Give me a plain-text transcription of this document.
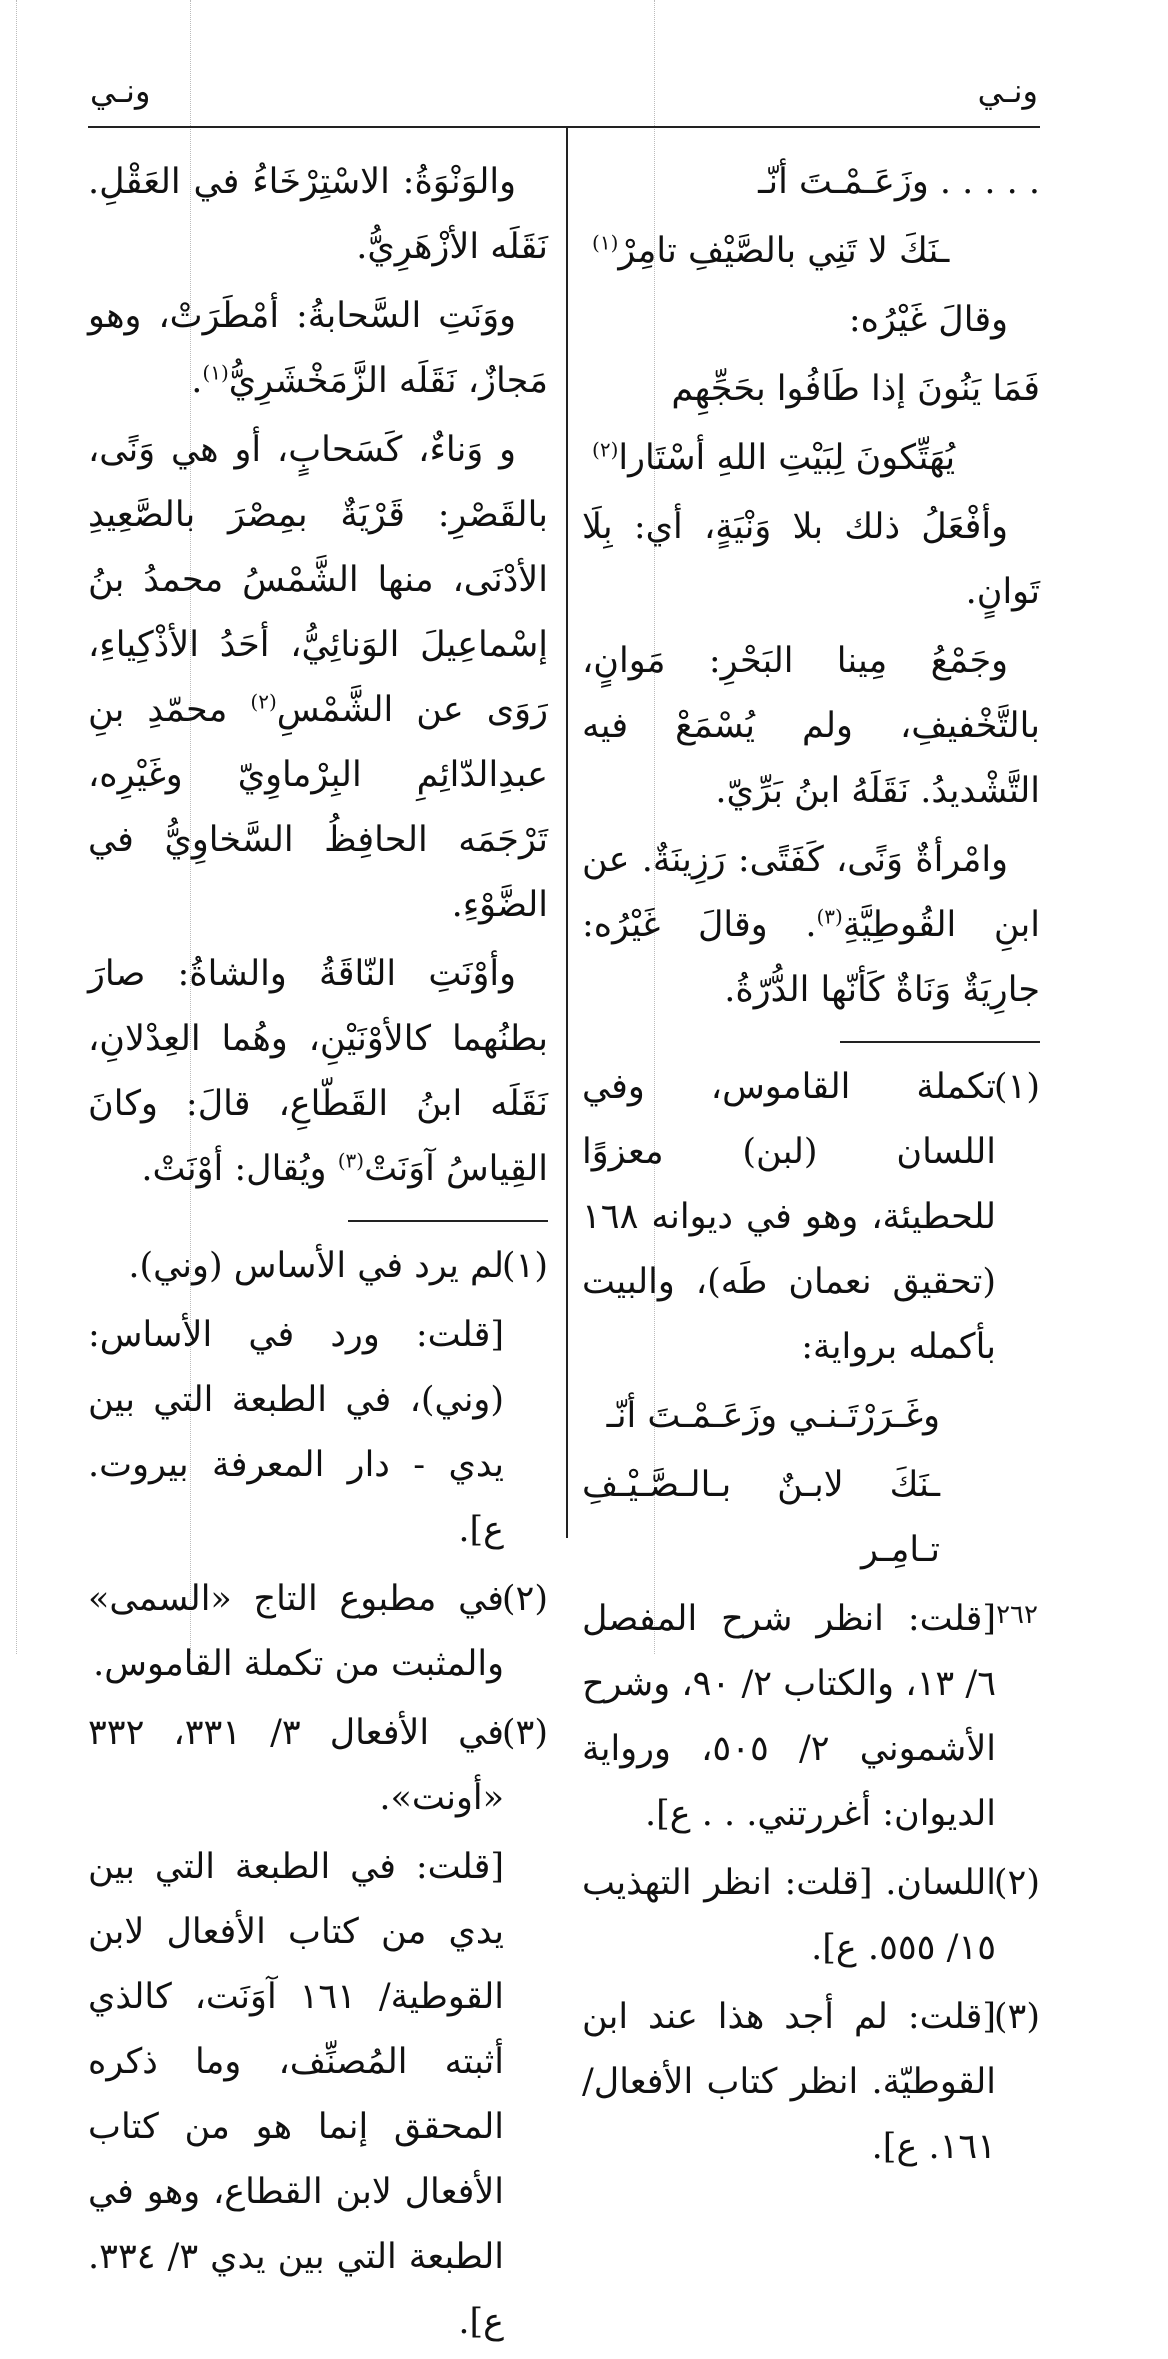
ونـي
ونـي

. . . . . وزَعَـمْـتَ أنّـ

ـنَكَ لا تَنِي بالصَّيْفِ تامِرْ$^{(١)}$

وقالَ غَيْرُه:

فَمَا يَنُونَ إذا طَافُوا بحَجِّهِم

يُهَتِّكونَ لِبَيْتِ اللهِ أسْتَارا$^{(٢)}$

وأفْعَلُ ذلك بلا وَنْيَةٍ، أي: بِلَا تَوانٍ.

وجَمْعُ مِينا البَحْرِ: مَوانٍ، بالتَّخْفيفِ، ولم يُسْمَعْ فيه التَّشْديدُ. نَقَلَهُ ابنُ بَرِّيّ.

وامْرأةٌ وَنًى، كَفَتًى: رَزِينَةٌ. عن ابنِ القُوطِيَّةِ$^{(٣)}$. وقالَ غَيْرُه: جارِيَةٌ وَنَاةٌ كَأنّها الدُّرّةُ.

(١)
تكملة القاموس، وفي اللسان (لبن) معزوًا للحطيئة، وهو في ديوانه ١٦٨ (تحقيق نعمان طَه)، والبيت بأكمله برواية:

وغَـرَرْتَـنـي وزَعَـمْـتَ أنّـ

ـنَكَ لابـنٌ بـالـصَّـيْـفِ تـامِـر

[قلت: انظر شرح المفصل ٦/ ١٣، والكتاب ٢/ ٩٠، وشرح الأشموني ٢/ ٥٠٥، ورواية الديوان: أغررتني. . . ع].

(٢)
اللسان. [قلت: انظر التهذيب ١٥/ ٥٥٥. ع].

(٣)
[قلت: لم أجد هذا عند ابن القوطيّة. انظر كتاب الأفعال/ ١٦١. ع].

والوَنْوَةُ: الاسْتِرْخَاءُ في العَقْلِ. نَقَلَه الأزْهَرِيُّ.

ووَنَتِ السَّحابةُ: أمْطَرَتْ، وهو مَجازٌ، نَقَلَه الزَّمَخْشَرِيُّ$^{(١)}$.

و وَناءٌ، كَسَحابٍ، أو هي وَنًى، بالقَصْرِ: قَرْيَةٌ بمِصْرَ بالصَّعِيدِ الأدْنَى، منها الشَّمْسُ محمدُ بنُ إسْماعِيلَ الوَنائِيُّ، أحَدُ الأذْكِياءِ، رَوَى عن الشَّمْسِ$^{(٢)}$ محمّدِ بنِ عبدِالدّائِمِ البِرْماوِيّ وغَيْرِه، تَرْجَمَه الحافِظُ السَّخاوِيُّ في الضَّوْءِ.

وأوْنَتِ النّاقَةُ والشاةُ: صارَ بطنُهما كالأوْنَيْنِ، وهُما العِدْلانِ، نَقَلَه ابنُ القَطّاعِ، قالَ: وكانَ القِياسُ آوَنَتْ$^{(٣)}$ ويُقال: أوْنَتْ.

(١)
لم يرد في الأساس (وني).

[قلت: ورد في الأساس: (وني)، في الطبعة التي بين يدي - دار المعرفة بيروت. ع].

(٢)
في مطبوع التاج «السمى» والمثبت من تكملة القاموس.

(٣)
في الأفعال ٣/ ٣٣١، ٣٣٢ «أونت».

[قلت: في الطبعة التي بين يدي من كتاب الأفعال لابن القوطية/ ١٦١ آوَنَت، كالذي أثبته المُصنِّف، وما ذكره المحقق إنما هو من كتاب الأفعال لابن القطاع، وهو في الطبعة التي بين يدي ٣/ ٣٣٤. ع].

٢٦٢
